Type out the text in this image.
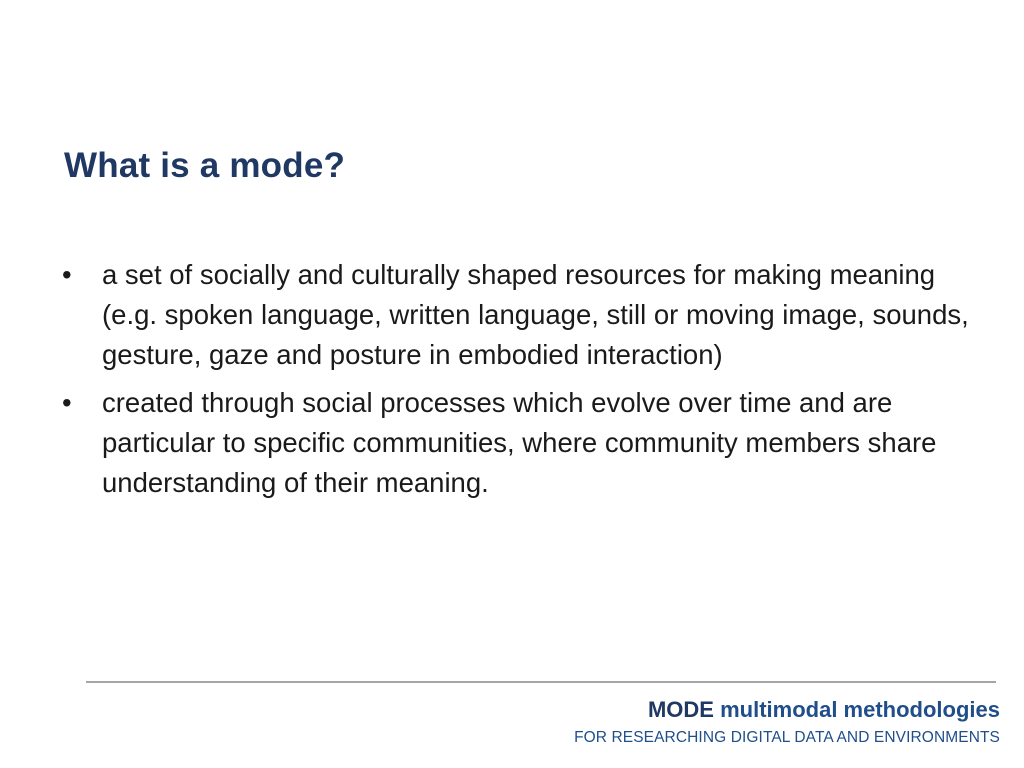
What is a mode?
•	a set of socially and culturally shaped resources for making meaning (e.g. spoken language, written language, still or moving image, sounds, gesture, gaze and posture in embodied interaction)
•	created through social processes which evolve over time and are particular to specific communities, where community members share understanding of their meaning.
MODE multimodal methodologies
FOR RESEARCHING DIGITAL DATA AND ENVIRONMENTS
